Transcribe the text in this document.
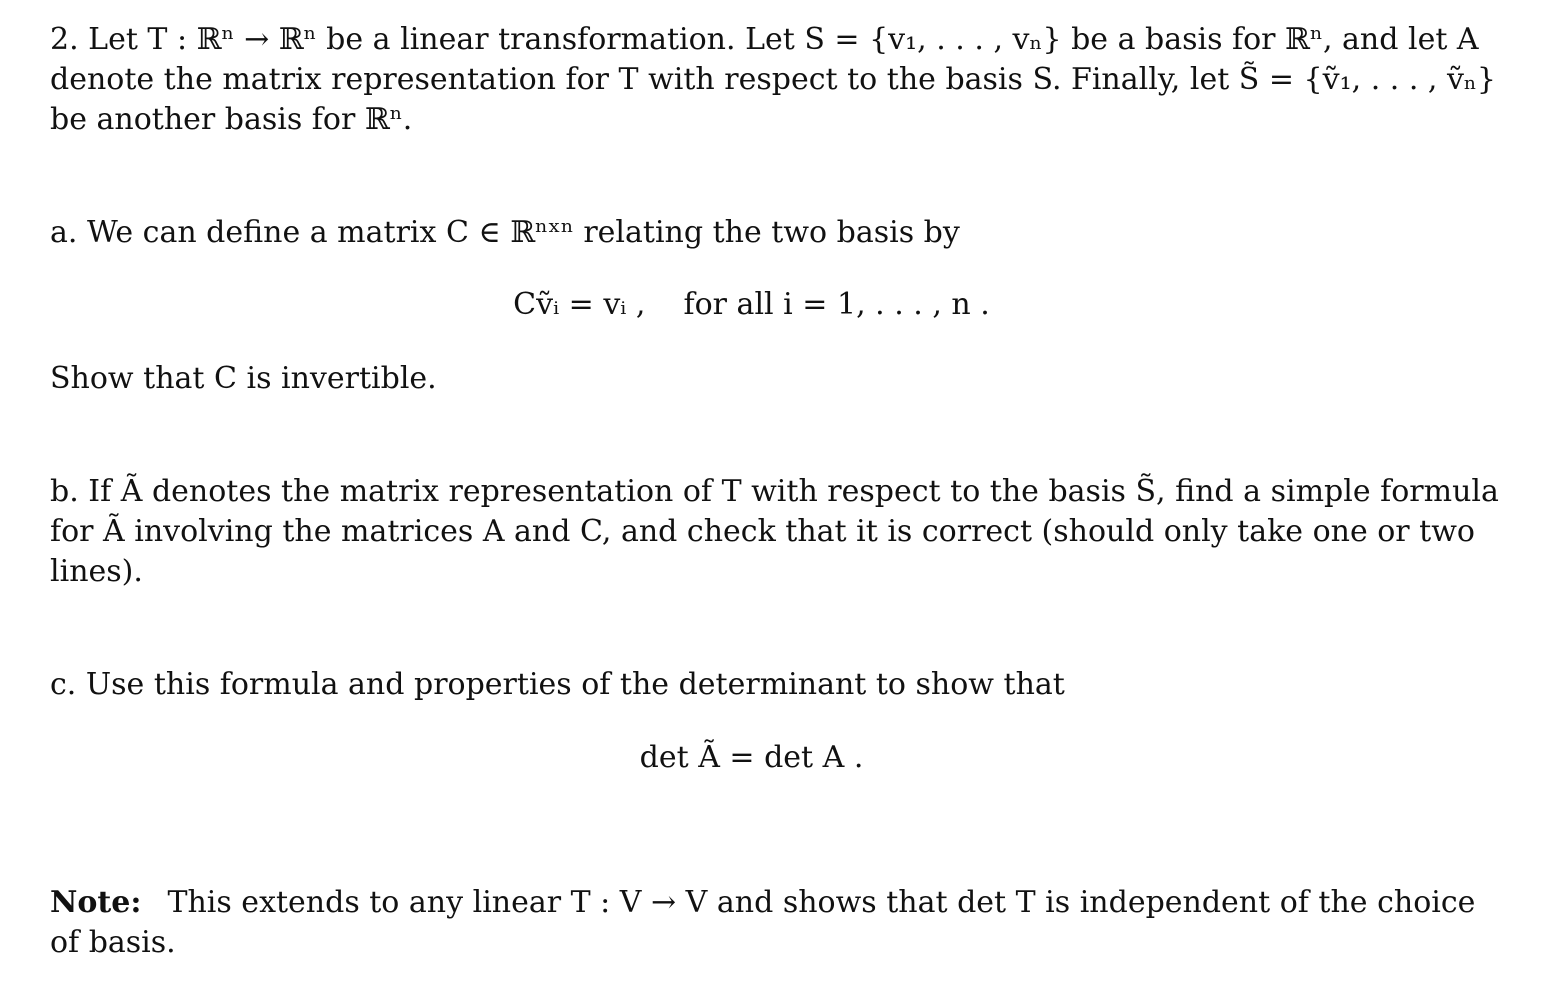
2. Let T : ℝⁿ → ℝⁿ be a linear transformation. Let S = {v₁, . . . , vₙ} be a basis for ℝⁿ, and let A
denote the matrix representation for T with respect to the basis S. Finally, let S̃ = {ṽ₁, . . . , ṽₙ}
be another basis for ℝⁿ.
a. We can define a matrix C ∈ ℝⁿˣⁿ relating the two basis by
Cṽᵢ = vᵢ ,    for all i = 1, . . . , n .
Show that C is invertible.
b. If Ã denotes the matrix representation of T with respect to the basis S̃, find a simple formula
for Ã involving the matrices A and C, and check that it is correct (should only take one or two
lines).
c. Use this formula and properties of the determinant to show that
det Ã = det A .
Note: This extends to any linear T : V → V and shows that det T is independent of the choice
of basis.
